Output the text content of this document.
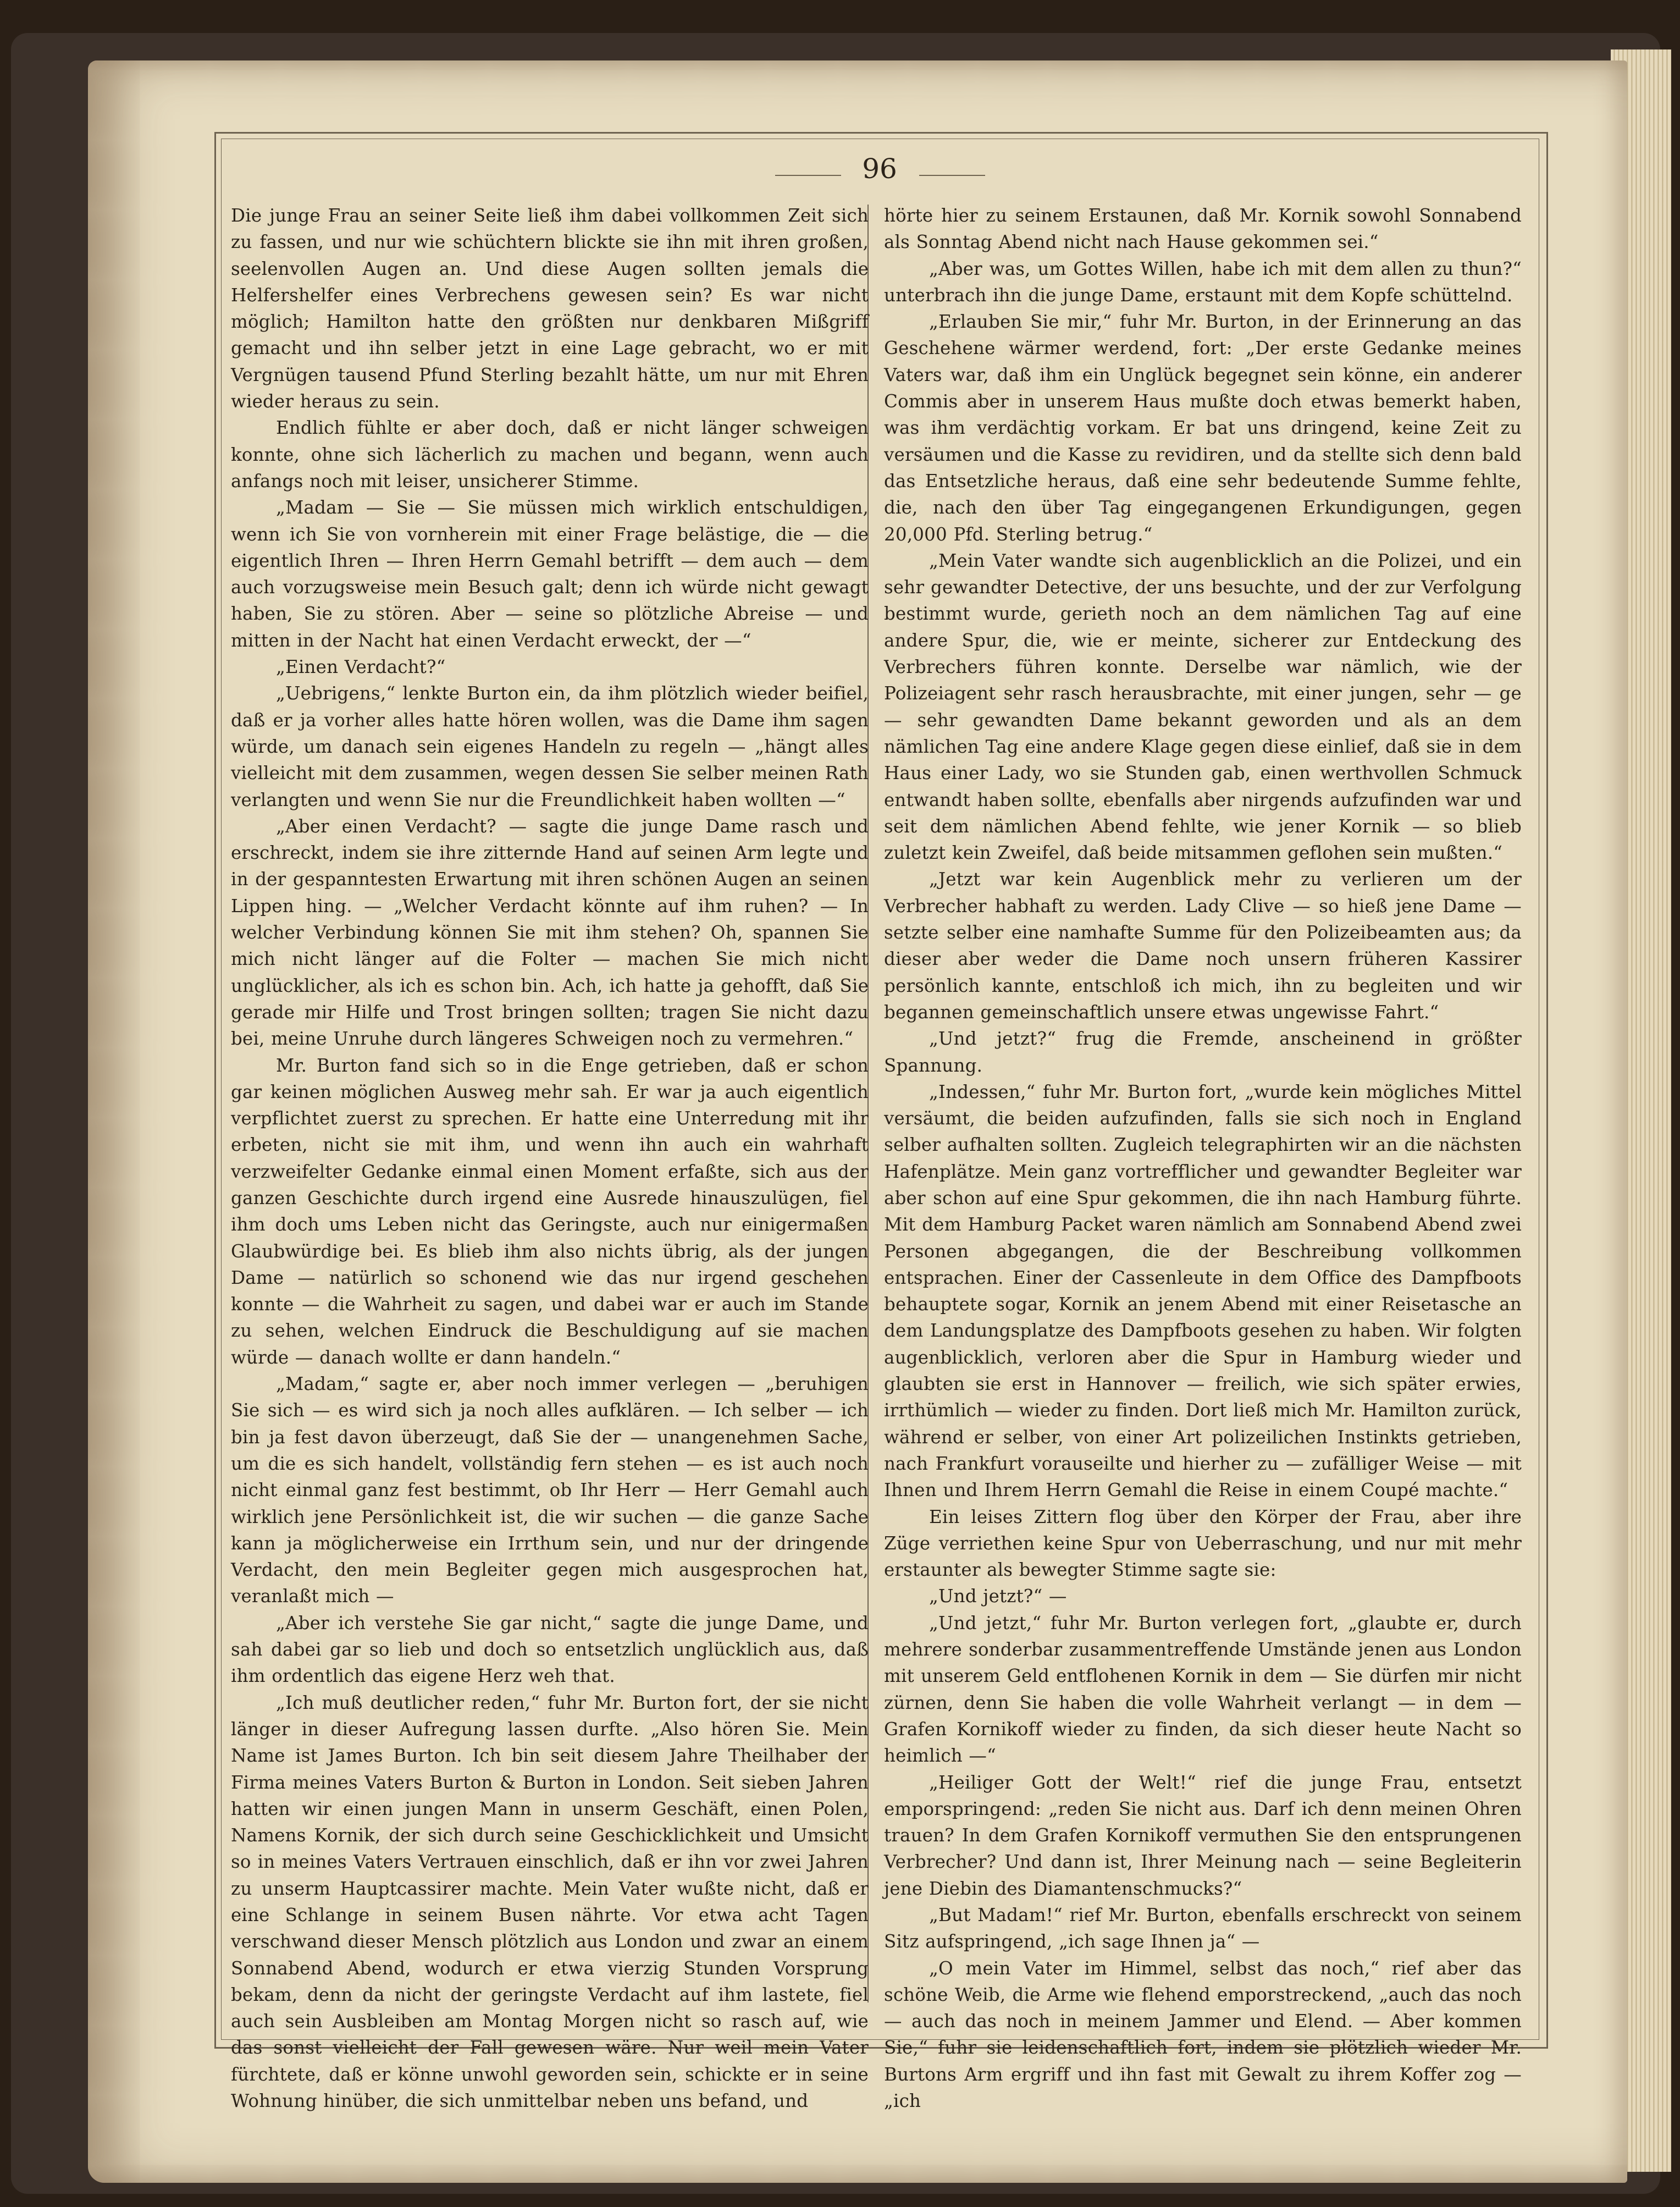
96

Die junge Frau an seiner Seite ließ ihm dabei vollkommen Zeit sich zu fassen, und nur wie schüchtern blickte sie ihn mit ihren großen, seelenvollen Augen an. Und diese Augen sollten jemals die Helfershelfer eines Verbrechens gewesen sein? Es war nicht möglich; Hamilton hatte den größten nur denkbaren Mißgriff gemacht und ihn selber jetzt in eine Lage gebracht, wo er mit Vergnügen tausend Pfund Sterling bezahlt hätte, um nur mit Ehren wieder heraus zu sein.

Endlich fühlte er aber doch, daß er nicht länger schweigen konnte, ohne sich lächerlich zu machen und begann, wenn auch anfangs noch mit leiser, unsicherer Stimme.

„Madam — Sie — Sie müssen mich wirklich entschuldigen, wenn ich Sie von vornherein mit einer Frage belästige, die — die eigentlich Ihren — Ihren Herrn Gemahl betrifft — dem auch — dem auch vorzugsweise mein Besuch galt; denn ich würde nicht gewagt haben, Sie zu stören. Aber — seine so plötzliche Abreise — und mitten in der Nacht hat einen Verdacht erweckt, der —“

„Einen Verdacht?“

„Uebrigens,“ lenkte Burton ein, da ihm plötzlich wieder beifiel, daß er ja vorher alles hatte hören wollen, was die Dame ihm sagen würde, um danach sein eigenes Handeln zu regeln — „hängt alles vielleicht mit dem zusammen, wegen dessen Sie selber meinen Rath verlangten und wenn Sie nur die Freundlichkeit haben wollten —“

„Aber einen Verdacht? — sagte die junge Dame rasch und erschreckt, indem sie ihre zitternde Hand auf seinen Arm legte und in der gespanntesten Erwartung mit ihren schönen Augen an seinen Lippen hing. — „Welcher Verdacht könnte auf ihm ruhen? — In welcher Verbindung können Sie mit ihm stehen? Oh, spannen Sie mich nicht länger auf die Folter — machen Sie mich nicht unglücklicher, als ich es schon bin. Ach, ich hatte ja gehofft, daß Sie gerade mir Hilfe und Trost bringen sollten; tragen Sie nicht dazu bei, meine Unruhe durch längeres Schweigen noch zu vermehren.“

Mr. Burton fand sich so in die Enge getrieben, daß er schon gar keinen möglichen Ausweg mehr sah. Er war ja auch eigentlich verpflichtet zuerst zu sprechen. Er hatte eine Unterredung mit ihr erbeten, nicht sie mit ihm, und wenn ihn auch ein wahrhaft verzweifelter Gedanke einmal einen Moment erfaßte, sich aus der ganzen Geschichte durch irgend eine Ausrede hinauszulügen, fiel ihm doch ums Leben nicht das Geringste, auch nur einigermaßen Glaubwürdige bei. Es blieb ihm also nichts übrig, als der jungen Dame — natürlich so schonend wie das nur irgend geschehen konnte — die Wahrheit zu sagen, und dabei war er auch im Stande zu sehen, welchen Eindruck die Beschuldigung auf sie machen würde — danach wollte er dann handeln.“

„Madam,“ sagte er, aber noch immer verlegen — „beruhigen Sie sich — es wird sich ja noch alles aufklären. — Ich selber — ich bin ja fest davon überzeugt, daß Sie der — unangenehmen Sache, um die es sich handelt, vollständig fern stehen — es ist auch noch nicht einmal ganz fest bestimmt, ob Ihr Herr — Herr Gemahl auch wirklich jene Persönlichkeit ist, die wir suchen — die ganze Sache kann ja möglicherweise ein Irrthum sein, und nur der dringende Verdacht, den mein Begleiter gegen mich ausgesprochen hat, veranlaßt mich —

„Aber ich verstehe Sie gar nicht,“ sagte die junge Dame, und sah dabei gar so lieb und doch so entsetzlich unglücklich aus, daß ihm ordentlich das eigene Herz weh that.

„Ich muß deutlicher reden,“ fuhr Mr. Burton fort, der sie nicht länger in dieser Aufregung lassen durfte. „Also hören Sie. Mein Name ist James Burton. Ich bin seit diesem Jahre Theilhaber der Firma meines Vaters Burton & Burton in London. Seit sieben Jahren hatten wir einen jungen Mann in unserm Geschäft, einen Polen, Namens Kornik, der sich durch seine Geschicklichkeit und Umsicht so in meines Vaters Vertrauen einschlich, daß er ihn vor zwei Jahren zu unserm Hauptcassirer machte. Mein Vater wußte nicht, daß er eine Schlange in seinem Busen nährte. Vor etwa acht Tagen verschwand dieser Mensch plötzlich aus London und zwar an einem Sonnabend Abend, wodurch er etwa vierzig Stunden Vorsprung bekam, denn da nicht der geringste Verdacht auf ihm lastete, fiel auch sein Ausbleiben am Montag Morgen nicht so rasch auf, wie das sonst vielleicht der Fall gewesen wäre. Nur weil mein Vater fürchtete, daß er könne unwohl geworden sein, schickte er in seine Wohnung hinüber, die sich unmittelbar neben uns befand, und

hörte hier zu seinem Erstaunen, daß Mr. Kornik sowohl Sonnabend als Sonntag Abend nicht nach Hause gekommen sei.“

„Aber was, um Gottes Willen, habe ich mit dem allen zu thun?“ unterbrach ihn die junge Dame, erstaunt mit dem Kopfe schüttelnd.

„Erlauben Sie mir,“ fuhr Mr. Burton, in der Erinnerung an das Geschehene wärmer werdend, fort: „Der erste Gedanke meines Vaters war, daß ihm ein Unglück begegnet sein könne, ein anderer Commis aber in unserem Haus mußte doch etwas bemerkt haben, was ihm verdächtig vorkam. Er bat uns dringend, keine Zeit zu versäumen und die Kasse zu revidiren, und da stellte sich denn bald das Entsetzliche heraus, daß eine sehr bedeutende Summe fehlte, die, nach den über Tag eingegangenen Erkundigungen, gegen 20,000 Pfd. Sterling betrug.“

„Mein Vater wandte sich augenblicklich an die Polizei, und ein sehr gewandter Detective, der uns besuchte, und der zur Verfolgung bestimmt wurde, gerieth noch an dem nämlichen Tag auf eine andere Spur, die, wie er meinte, sicherer zur Entdeckung des Verbrechers führen konnte. Derselbe war nämlich, wie der Polizeiagent sehr rasch herausbrachte, mit einer jungen, sehr — ge — sehr gewandten Dame bekannt geworden und als an dem nämlichen Tag eine andere Klage gegen diese einlief, daß sie in dem Haus einer Lady, wo sie Stunden gab, einen werthvollen Schmuck entwandt haben sollte, ebenfalls aber nirgends aufzufinden war und seit dem nämlichen Abend fehlte, wie jener Kornik — so blieb zuletzt kein Zweifel, daß beide mitsammen geflohen sein mußten.“

„Jetzt war kein Augenblick mehr zu verlieren um der Verbrecher habhaft zu werden. Lady Clive — so hieß jene Dame — setzte selber eine namhafte Summe für den Polizeibeamten aus; da dieser aber weder die Dame noch unsern früheren Kassirer persönlich kannte, entschloß ich mich, ihn zu begleiten und wir begannen gemeinschaftlich unsere etwas ungewisse Fahrt.“

„Und jetzt?“ frug die Fremde, anscheinend in größter Spannung.

„Indessen,“ fuhr Mr. Burton fort, „wurde kein mögliches Mittel versäumt, die beiden aufzufinden, falls sie sich noch in England selber aufhalten sollten. Zugleich telegraphirten wir an die nächsten Hafenplätze. Mein ganz vortrefflicher und gewandter Begleiter war aber schon auf eine Spur gekommen, die ihn nach Hamburg führte. Mit dem Hamburg Packet waren nämlich am Sonnabend Abend zwei Personen abgegangen, die der Beschreibung vollkommen entsprachen. Einer der Cassenleute in dem Office des Dampfboots behauptete sogar, Kornik an jenem Abend mit einer Reisetasche an dem Landungsplatze des Dampfboots gesehen zu haben. Wir folgten augenblicklich, verloren aber die Spur in Hamburg wieder und glaubten sie erst in Hannover — freilich, wie sich später erwies, irrthümlich — wieder zu finden. Dort ließ mich Mr. Hamilton zurück, während er selber, von einer Art polizeilichen Instinkts getrieben, nach Frankfurt vorauseilte und hierher zu — zufälliger Weise — mit Ihnen und Ihrem Herrn Gemahl die Reise in einem Coupé machte.“

Ein leises Zittern flog über den Körper der Frau, aber ihre Züge verriethen keine Spur von Ueberraschung, und nur mit mehr erstaunter als bewegter Stimme sagte sie:

„Und jetzt?“ —

„Und jetzt,“ fuhr Mr. Burton verlegen fort, „glaubte er, durch mehrere sonderbar zusammentreffende Umstände jenen aus London mit unserem Geld entflohenen Kornik in dem — Sie dürfen mir nicht zürnen, denn Sie haben die volle Wahrheit verlangt — in dem — Grafen Kornikoff wieder zu finden, da sich dieser heute Nacht so heimlich —“

„Heiliger Gott der Welt!“ rief die junge Frau, entsetzt emporspringend: „reden Sie nicht aus. Darf ich denn meinen Ohren trauen? In dem Grafen Kornikoff vermuthen Sie den entsprungenen Verbrecher? Und dann ist, Ihrer Meinung nach — seine Begleiterin jene Diebin des Diamantenschmucks?“

„But Madam!“ rief Mr. Burton, ebenfalls erschreckt von seinem Sitz aufspringend, „ich sage Ihnen ja“ —

„O mein Vater im Himmel, selbst das noch,“ rief aber das schöne Weib, die Arme wie flehend emporstreckend, „auch das noch — auch das noch in meinem Jammer und Elend. — Aber kommen Sie,“ fuhr sie leidenschaftlich fort, indem sie plötzlich wieder Mr. Burtons Arm ergriff und ihn fast mit Gewalt zu ihrem Koffer zog — „ich
